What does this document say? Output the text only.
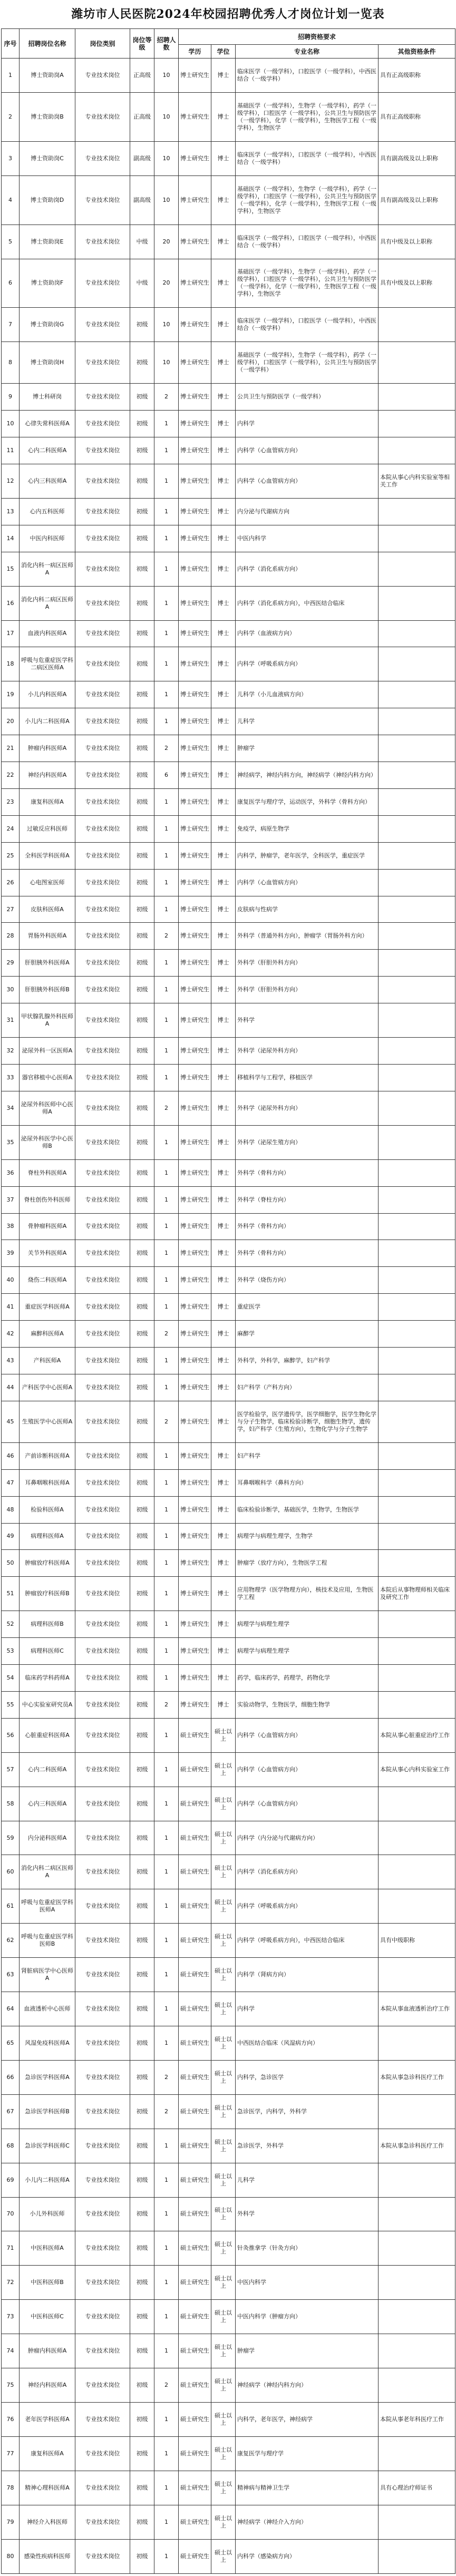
潍坊市人民医院2024年校园招聘优秀人才岗位计划一览表
序号	招聘岗位名称	岗位类别	岗位等级	招聘人数	招聘资格要求			
					学历	学位	专业名称	其他资格条件
1	博士资助岗A	专业技术岗位	正高级	10	博士研究生	博士	临床医学（一级学科），口腔医学（一级学科），中西医结合（一级学科）	具有正高级职称
2	博士资助岗B	专业技术岗位	正高级	10	博士研究生	博士	基础医学（一级学科），生物学（一级学科），药学（一级学科），口腔医学（一级学科），公共卫生与预防医学（一级学科），化学（一级学科），生物医学工程（一级学科），生物医学	具有正高级职称
3	博士资助岗C	专业技术岗位	副高级	10	博士研究生	博士	临床医学（一级学科），口腔医学（一级学科），中西医结合（一级学科）	具有副高级及以上职称
4	博士资助岗D	专业技术岗位	副高级	10	博士研究生	博士	基础医学（一级学科），生物学（一级学科），药学（一级学科），口腔医学（一级学科），公共卫生与预防医学（一级学科），化学（一级学科），生物医学工程（一级学科），生物医学	具有副高级及以上职称
5	博士资助岗E	专业技术岗位	中级	20	博士研究生	博士	临床医学（一级学科），口腔医学（一级学科），中西医结合（一级学科）	具有中级及以上职称
6	博士资助岗F	专业技术岗位	中级	20	博士研究生	博士	基础医学（一级学科），生物学（一级学科），药学（一级学科），口腔医学（一级学科），公共卫生与预防医学（一级学科），化学（一级学科），生物医学工程（一级学科），生物医学	具有中级及以上职称
7	博士资助岗G	专业技术岗位	初级	10	博士研究生	博士	临床医学（一级学科），口腔医学（一级学科），中西医结合（一级学科）	
8	博士资助岗H	专业技术岗位	初级	10	博士研究生	博士	基础医学（一级学科），生物学（一级学科），药学（一级学科），口腔医学（一级学科），公共卫生与预防医学（一级学科）	
9	博士科研岗	专业技术岗位	初级	2	博士研究生	博士	公共卫生与预防医学（一级学科）	
10	心律失常科医师A	专业技术岗位	初级	1	博士研究生	博士	内科学	
11	心内二科医师A	专业技术岗位	初级	1	博士研究生	博士	内科学（心血管病方向）	
12	心内三科医师A	专业技术岗位	初级	1	博士研究生	博士	内科学（心血管病方向）	本院从事心内科实验室等相关工作
13	心内五科医师	专业技术岗位	初级	1	博士研究生	博士	内分泌与代谢病方向	
14	中医内科医师	专业技术岗位	初级	1	博士研究生	博士	中医内科学	
15	消化内科一病区医师A	专业技术岗位	初级	1	博士研究生	博士	内科学（消化系病方向）	
16	消化内科二病区医师A	专业技术岗位	初级	1	博士研究生	博士	内科学（消化系病方向），中西医结合临床	
17	血液内科医师A	专业技术岗位	初级	1	博士研究生	博士	内科学（血液病方向）	
18	呼吸与危重症医学科二病区医师A	专业技术岗位	初级	1	博士研究生	博士	内科学（呼吸系病方向）	
19	小儿内科医师A	专业技术岗位	初级	1	博士研究生	博士	儿科学（小儿血液病方向）	
20	小儿内二科医师A	专业技术岗位	初级	1	博士研究生	博士	儿科学	
21	肿瘤内科医师A	专业技术岗位	初级	2	博士研究生	博士	肿瘤学	
22	神经内科医师A	专业技术岗位	初级	6	博士研究生	博士	神经病学，神经内科方向，神经病学（神经内科方向）	
23	康复科医师A	专业技术岗位	初级	1	博士研究生	博士	康复医学与理疗学，运动医学，外科学（骨科方向）	
24	过敏反应科医师	专业技术岗位	初级	1	博士研究生	博士	免疫学，病原生物学	
25	全科医学科医师A	专业技术岗位	初级	1	博士研究生	博士	内科学，肿瘤学，老年医学，全科医学，重症医学	
26	心电图室医师	专业技术岗位	初级	1	博士研究生	博士	内科学（心血管病方向）	
27	皮肤科医师A	专业技术岗位	初级	1	博士研究生	博士	皮肤病与性病学	
28	胃肠外科医师A	专业技术岗位	初级	2	博士研究生	博士	外科学（普通外科方向），肿瘤学（胃肠外科方向）	
29	肝胆胰外科医师A	专业技术岗位	初级	1	博士研究生	博士	外科学（肝胆外科方向）	
30	肝胆胰外科医师B	专业技术岗位	初级	1	博士研究生	博士	外科学（肝胆外科方向）	
31	甲状腺乳腺外科医师A	专业技术岗位	初级	1	博士研究生	博士	外科学	
32	泌尿外科一区医师A	专业技术岗位	初级	1	博士研究生	博士	外科学（泌尿外科方向）	
33	器官移植中心医师A	专业技术岗位	初级	1	博士研究生	博士	移植科学与工程学，移植医学	
34	泌尿外科医师中心医师A	专业技术岗位	初级	2	博士研究生	博士	外科学（泌尿外科方向）	
35	泌尿外科医学中心医师B	专业技术岗位	初级	1	博士研究生	博士	外科学（泌尿生殖方向）	
36	脊柱外科医师A	专业技术岗位	初级	1	博士研究生	博士	外科学（骨科方向）	
37	脊柱创伤外科医师	专业技术岗位	初级	1	博士研究生	博士	外科学（脊柱方向）	
38	骨肿瘤科医师A	专业技术岗位	初级	1	博士研究生	博士	外科学（骨科方向）	
39	关节外科医师A	专业技术岗位	初级	1	博士研究生	博士	外科学（骨科方向）	
40	烧伤二科医师A	专业技术岗位	初级	1	博士研究生	博士	外科学（烧伤方向）	
41	重症医学科医师A	专业技术岗位	初级	1	博士研究生	博士	重症医学	
42	麻醉科医师A	专业技术岗位	初级	2	博士研究生	博士	麻醉学	
43	产科医师A	专业技术岗位	初级	1	博士研究生	博士	外科学，外科学，麻醉学，妇产科学	
44	产科医学中心医师A	专业技术岗位	初级	1	博士研究生	博士	妇产科学（产科方向）	
45	生殖医学中心医师A	专业技术岗位	初级	2	博士研究生	博士	医学检验学，医学遗传学，医学细胞学，医学生物化学与分子生物学，临床检验诊断学，细胞生物学，遗传学，妇产科学（生殖方向），生物化学与分子生物学	
46	产前诊断科医师A	专业技术岗位	初级	1	博士研究生	博士	妇产科学	
47	耳鼻咽喉科医师A	专业技术岗位	初级	1	博士研究生	博士	耳鼻咽喉科学（鼻科方向）	
48	检验科医师A	专业技术岗位	初级	1	博士研究生	博士	临床检验诊断学，基础医学，生物学，生物医学	
49	病理科医师A	专业技术岗位	初级	1	博士研究生	博士	病理学与病理生理学，生物学	
50	肿瘤放疗科医师A	专业技术岗位	初级	1	博士研究生	博士	肿瘤学（放疗方向），生物医学工程	
51	肿瘤放疗科医师B	专业技术岗位	初级	1	博士研究生	博士	应用物理学（医学物理方向），核技术及应用，生物医学工程	本院后从事物理师相关临床及研究工作
52	病理科医师B	专业技术岗位	初级	1	博士研究生	博士	病理学与病理生理学	
53	病理科医师C	专业技术岗位	初级	1	博士研究生	博士	病理学与病理生理学	
54	临床药学科药师A	专业技术岗位	初级	1	博士研究生	博士	药学，临床药学，药理学，药物化学	
55	中心实验室研究员A	专业技术岗位	初级	2	博士研究生	博士	实验动物学，生物医学，细胞生物学	
56	心脏重症科医师A	专业技术岗位	初级	1	硕士研究生	硕士以上	内科学（心血管病方向）	本院从事心脏重症治疗工作
57	心内二科医师A	专业技术岗位	初级	1	硕士研究生	硕士以上	内科学（心血管病方向）	本院从事心内科实验室工作
58	心内三科医师A	专业技术岗位	初级	1	硕士研究生	硕士以上	内科学（心血管病方向）	
59	内分泌科医师A	专业技术岗位	初级	1	硕士研究生	硕士以上	内科学（内分泌与代谢病方向）	
60	消化内科二病区医师A	专业技术岗位	初级	1	硕士研究生	硕士以上	内科学（消化系病方向）	
61	呼吸与危重症医学科医师A	专业技术岗位	初级	1	硕士研究生	硕士以上	内科学（呼吸系病方向）	
62	呼吸与危重症医学科医师B	专业技术岗位	初级	1	硕士研究生	硕士以上	内科学（呼吸系病方向），中西医结合临床	具有中级职称
63	肾脏病医学中心医师A	专业技术岗位	初级	1	硕士研究生	硕士以上	内科学（肾病方向）	
64	血液透析中心医师	专业技术岗位	初级	1	硕士研究生	硕士以上	内科学	本院从事血液透析治疗工作
65	风湿免疫科医师A	专业技术岗位	初级	1	硕士研究生	硕士以上	中西医结合临床（风湿病方向）	
66	急诊医学科医师A	专业技术岗位	初级	2	硕士研究生	硕士以上	内科学，急诊医学	本院从事急诊科医疗工作
67	急诊医学科医师B	专业技术岗位	初级	2	硕士研究生	硕士以上	急诊医学，内科学，外科学	
68	急诊医学科医师C	专业技术岗位	初级	1	硕士研究生	硕士以上	急诊医学，外科学	本院从事急诊科医疗工作
69	小儿内二科医师A	专业技术岗位	初级	1	硕士研究生	硕士以上	儿科学	
70	小儿外科医师	专业技术岗位	初级	1	硕士研究生	硕士以上	外科学	
71	中医科医师A	专业技术岗位	初级	1	硕士研究生	硕士以上	针灸推拿学（针灸方向）	
72	中医科医师B	专业技术岗位	初级	1	硕士研究生	硕士以上	中医内科学	
73	中医科医师C	专业技术岗位	初级	1	硕士研究生	硕士以上	中医内科学（肿瘤方向）	
74	肿瘤内科医师A	专业技术岗位	初级	1	硕士研究生	硕士以上	肿瘤学	
75	神经内科医师A	专业技术岗位	初级	2	硕士研究生	硕士以上	神经病学（神经内科方向）	
76	老年医学科医师A	专业技术岗位	初级	1	硕士研究生	硕士以上	内科学，老年医学，神经病学	本院从事老年科医疗工作
77	康复科医师A	专业技术岗位	初级	1	硕士研究生	硕士以上	康复医学与理疗学	
78	精神心理科医师A	专业技术岗位	初级	1	硕士研究生	硕士以上	精神病与精神卫生学	具有心理治疗师证书
79	神经介入科医师	专业技术岗位	初级	1	硕士研究生	硕士以上	神经病学（神经介入方向）	
80	感染性疾病科医师	专业技术岗位	初级	1	硕士研究生	硕士以上	内科学（感染病方向）	
